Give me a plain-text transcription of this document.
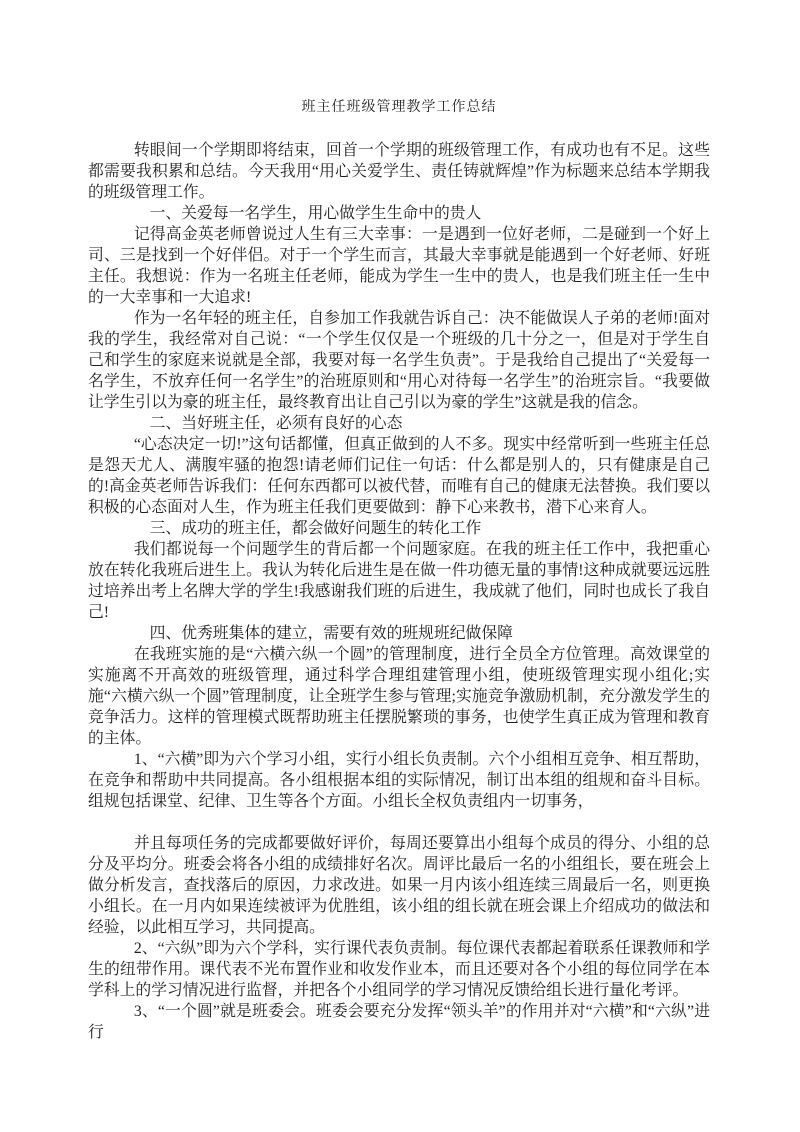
班主任班级管理教学工作总结

转眼间一个学期即将结束，回首一个学期的班级管理工作，有成功也有不足。这些都需要我积累和总结。今天我用“用心关爱学生、责任铸就辉煌”作为标题来总结本学期我的班级管理工作。

一、关爱每一名学生，用心做学生生命中的贵人

记得高金英老师曾说过人生有三大幸事：一是遇到一位好老师，二是碰到一个好上司、三是找到一个好伴侣。对于一个学生而言，其最大幸事就是能遇到一个好老师、好班主任。我想说：作为一名班主任老师，能成为学生一生中的贵人，也是我们班主任一生中的一大幸事和一大追求!

作为一名年轻的班主任，自参加工作我就告诉自己：决不能做误人子弟的老师!面对我的学生，我经常对自己说：“一个学生仅仅是一个班级的几十分之一，但是对于学生自己和学生的家庭来说就是全部，我要对每一名学生负责”。于是我给自己提出了“关爱每一名学生，不放弃任何一名学生”的治班原则和“用心对待每一名学生”的治班宗旨。“我要做让学生引以为豪的班主任，最终教育出让自己引以为豪的学生”这就是我的信念。

二、当好班主任，必须有良好的心态

“心态决定一切!”这句话都懂，但真正做到的人不多。现实中经常听到一些班主任总是怨天尤人、满腹牢骚的抱怨!请老师们记住一句话：什么都是别人的，只有健康是自己的!高金英老师告诉我们：任何东西都可以被代替，而唯有自己的健康无法替换。我们要以积极的心态面对人生，作为班主任我们更要做到：静下心来教书，潜下心来育人。

三、成功的班主任，都会做好问题生的转化工作

我们都说每一个问题学生的背后都一个问题家庭。在我的班主任工作中，我把重心放在转化我班后进生上。我认为转化后进生是在做一件功德无量的事情!这种成就要远远胜过培养出考上名牌大学的学生!我感谢我们班的后进生，我成就了他们，同时也成长了我自己!

四、优秀班集体的建立，需要有效的班规班纪做保障

在我班实施的是“六横六纵一个圆”的管理制度，进行全员全方位管理。高效课堂的实施离不开高效的班级管理，通过科学合理组建管理小组，使班级管理实现小组化;实施“六横六纵一个圆”管理制度，让全班学生参与管理;实施竞争激励机制，充分激发学生的竞争活力。这样的管理模式既帮助班主任摆脱繁琐的事务，也使学生真正成为管理和教育的主体。

1、“六横”即为六个学习小组，实行小组长负责制。六个小组相互竞争、相互帮助，在竞争和帮助中共同提高。各小组根据本组的实际情况，制订出本组的组规和奋斗目标。组规包括课堂、纪律、卫生等各个方面。小组长全权负责组内一切事务，

并且每项任务的完成都要做好评价，每周还要算出小组每个成员的得分、小组的总分及平均分。班委会将各小组的成绩排好名次。周评比最后一名的小组组长，要在班会上做分析发言，查找落后的原因，力求改进。如果一月内该小组连续三周最后一名，则更换小组长。在一月内如果连续被评为优胜组，该小组的组长就在班会课上介绍成功的做法和经验，以此相互学习，共同提高。

2、“六纵”即为六个学科，实行课代表负责制。每位课代表都起着联系任课教师和学生的纽带作用。课代表不光布置作业和收发作业本，而且还要对各个小组的每位同学在本学科上的学习情况进行监督，并把各个小组同学的学习情况反馈给组长进行量化考评。

3、“一个圆”就是班委会。班委会要充分发挥“领头羊”的作用并对“六横”和“六纵”进行
